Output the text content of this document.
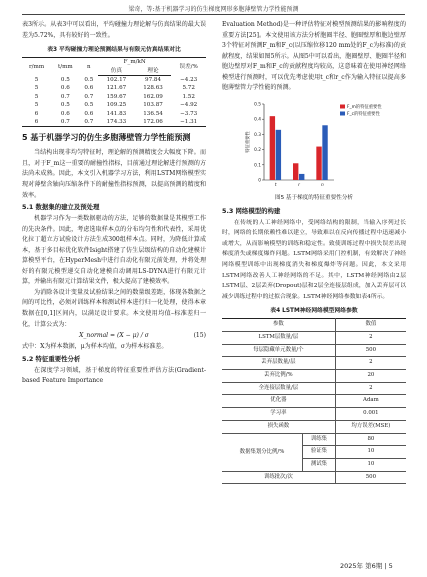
梁奇，等:基于机器学习的仿生梯度网形多胞薄壁管力学性能预测

表3所示。从表3中可以看出，平均碰撞力理论解与仿真结果的最大误差为5.72%，具有较好的一致性。

表3 平均碰撞力理论预测结果与有限元仿真结果对比
r/mm	t/mm	n	F_m/kN		误差/%
			仿真	理论	
5	0.5	0.5	102.17	97.84	−4.23
5	0.6	0.6	121.67	128.63	5.72
5	0.7	0.7	159.67	162.09	1.52
5	0.5	0.5	109.25	103.87	−4.92
6	0.6	0.6	141.83	136.54	−3.73
6	0.7	0.7	174.33	172.06	−1.31
5 基于机器学习的仿生多胞薄壁管力学性能预测

当结构出现非均匀特征时，理论解的预测精度会大幅度下降。而且，对于F_m这一重要的耐撞性指标，目前通过理论解进行预测的方法尚未成熟。因此，本文引入机器学习方法，利用LSTM网络模型实现对薄壁含轴向压缩条件下的耐撞性指标预测，以提高预测的精度和效率。

5.1 数据集的建立及预处理

机器学习作为一类数据驱动的方法，足够的数据量是其模型工作的先决条件。因此，考虑选取样本点的分布均匀性和代表性，采用优化拉丁超立方试验设计方法生成300组样本点。同时，为降低计算成本，基于多目标优化软件Isight搭建了仿生层级结构的自动化建模计算模型平台，在HyperMesh中进行自动化有限元前处理，并将处理好的有限元模型递交自动化建模自动调用LS-DYNA进行有限元计算，并输出有限元计算结果文件，极大提高了建模效率。

为消除各设计变量及试验结果之间的数量级差距，体现各数据之间的可比性，必须对训练样本和测试样本进行归一化处理，使得本章数据在[0,1]区间内，以满足设计要求。本文使用均值–标准差归一化，计算公式为：

X_normal = (X − μ) / σ	(15)

式中：X为样本数据，μ为样本均值，σ为样本标准差。

5.2 特征重要性分析

在深度学习领域，基于梯度的特征重要性评估方法(Gradient-based Feature Importance

Evaluation Method)是一种评估特征对模型预测结果的影响程度的重要方法[25]。本文使用该方法分析胞圈半径、胞圈壁厚和胞边壁厚3个特征对预测F_m和F_c(以压缩位移120 mm处的F_c为标准)的贡献程度，结果如图5所示。从图5中可以看出，胞圈壁厚、胞圈半径和胞边壁厚对F_m和F_c的贡献程度均较高，这意味着在使用神经网络模型进行预测时，可以优先考虑使用t_c和r_c作为输入特征以提高多胞薄壁管力学性能的预测。

0
0.1
0.2
0.3
0.4
0.5
特征重要性
t	r	n
F_m的特征重要性
F_c的特征重要性
图5 基于梯度的特征重要性分析
5.3 网络模型的构建

在传统的人工神经网络中，受网络结构的限制，当输入序列过长时，网络的长期依赖性难以建立，导致难以在反向传播过程中迅速减小或增大，从而影响模型的训练和稳定性。致使训练过程中损失误差出现梯度消失或梯度爆炸问题。LSTM网络采用门控机制，有效解决了神经网络模型训练中出现梯度消失和梯度爆炸等问题。因此，本文采用LSTM网络改善人工神经网络的不足。其中，LSTM神经网络由2层LSTM层、2层丢弃(Dropout)层和2层全连接层组成，加入丢弃层可以减少训练过程中的过拟合现象。LSTM神经网络参数如表4所示。

表4 LSTM神经网络模型网络参数
参数		数值
LSTM层数量/层		2
每层隐藏单元数量/个		500
丢弃层数量/层		2
丢弃比例/%		20
全连接层数量/层		2
优化器		Adam
学习率		0.001
损失函数		均方误差(MSE)
数据集划分比例/%	训练集	80
	验证集	10
	测试集	10
训练批次/次		500
2025年 第6期 | 5
